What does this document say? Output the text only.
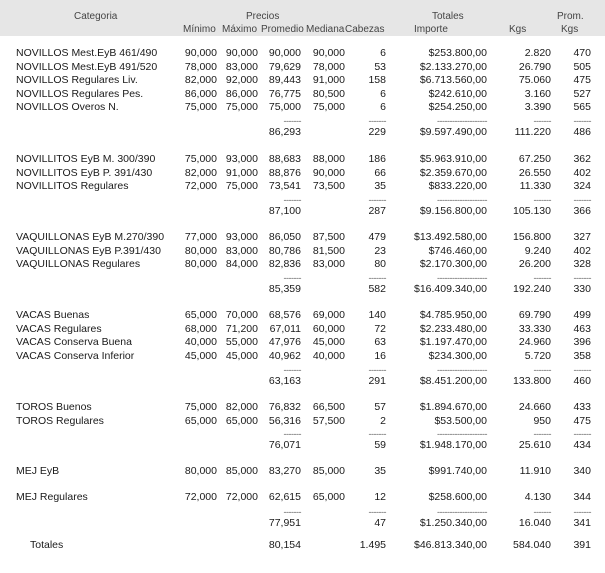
Categoria	Precios	Totales	Prom.
Mínimo Máximo Promedio Mediana Cabezas	Importe	Kgs	Kgs
NOVILLOS Mest.EyB 461/490	90,000 90,000 90,000 90,000	6	$253.800,00	2.820 470
NOVILLOS Mest.EyB 491/520	78,000 83,000 79,629 78,000	53	$2.133.270,00	26.790 505
NOVILLOS Regulares Liv.	82,000 92,000 89,443 91,000 158	$6.713.560,00	75.060 475
NOVILLOS Regulares Pes.	86,000 86,000 76,775 80,500	6	$242.610,00	3.160 527
NOVILLOS Overos N.	75,000 75,000 75,000 75,000	6	$254.250,00	3.390 565
-------	-------	--------------------	-------	-------
86,293	229	$9.597.490,00	111.220 486
NOVILLITOS EyB M. 300/390	75,000 93,000 88,683 88,000 186	$5.963.910,00	67.250 362
NOVILLITOS EyB P. 391/430	82,000 91,000 88,876 90,000	66	$2.359.670,00	26.550 402
NOVILLITOS Regulares	72,000 75,000 73,541 73,500	35	$833.220,00	11.330 324
-------	-------	--------------------	-------	-------
87,100	287	$9.156.800,00 105.130 366
VAQUILLONAS EyB M.270/390 77,000 93,000 86,050 87,500 479	$13.492.580,00 156.800 327
VAQUILLONAS EyB P.391/430 80,000 83,000 80,786 81,500	23	$746.460,00	9.240 402
VAQUILLONAS Regulares	80,000 84,000 82,836 83,000	80	$2.170.300,00	26.200 328
-------	-------	--------------------	-------	-------
85,359	582	$16.409.340,00 192.240 330
VACAS Buenas	65,000 70,000 68,576 69,000 140	$4.785.950,00	69.790 499
VACAS Regulares	68,000 71,200 67,011 60,000	72	$2.233.480,00	33.330 463
VACAS Conserva Buena	40,000 55,000 47,976 45,000	63	$1.197.470,00	24.960 396
VACAS Conserva Inferior	45,000 45,000 40,962 40,000	16	$234.300,00	5.720 358
-------	-------	--------------------	-------	-------
63,163	291	$8.451.200,00 133.800 460
TOROS Buenos	75,000 82,000 76,832 66,500	57	$1.894.670,00	24.660 433
TOROS Regulares	65,000 65,000 56,316 57,500	2	$53.500,00	950 475
-------	-------	--------------------	-------	-------
76,071	59	$1.948.170,00	25.610 434
MEJ EyB	80,000 85,000 83,270 85,000	35	$991.740,00	11.910 340
MEJ Regulares	72,000 72,000 62,615 65,000	12	$258.600,00	4.130 344
-------	-------	--------------------	-------	-------
77,951	47	$1.250.340,00	16.040 341
Totales	80,154	1.495	$46.813.340,00 584.040 391
